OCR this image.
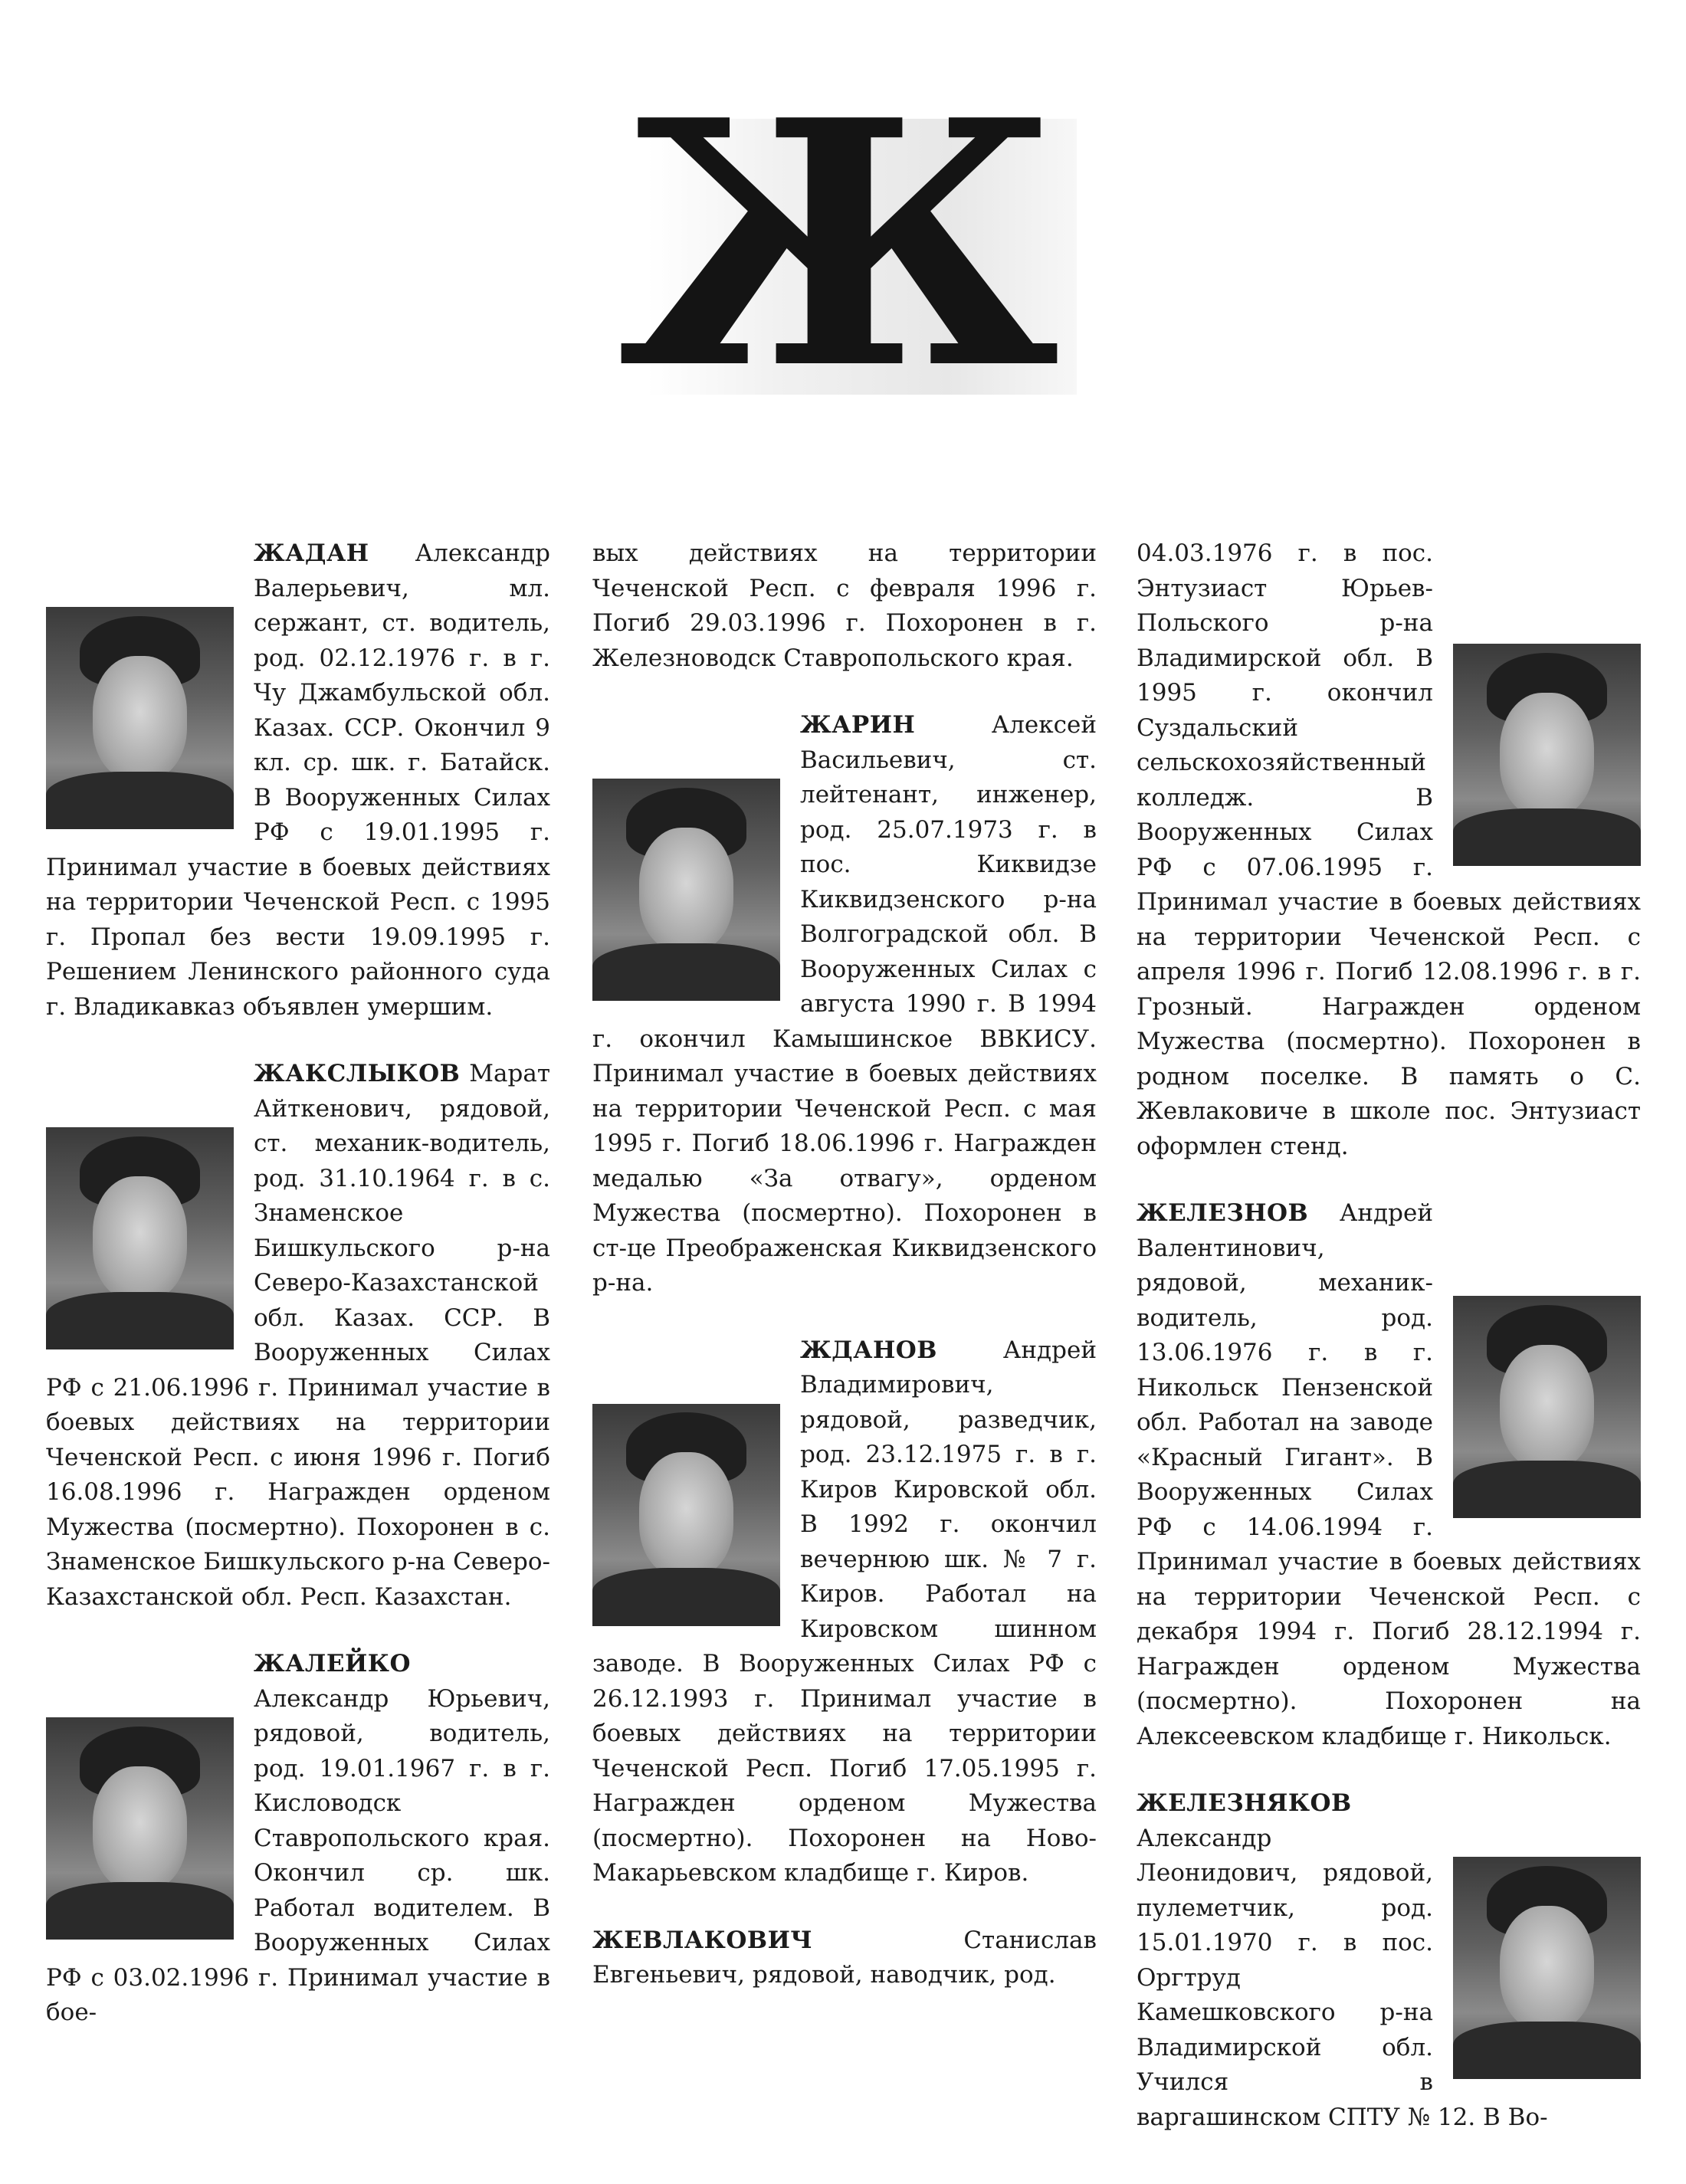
Ж

ЖАДАН Александр Валерьевич, мл. сержант, ст. водитель, род. 02.12.1976 г. в г. Чу Джамбульской обл. Казах. ССР. Окончил 9 кл. ср. шк. г. Батайск. В Вооруженных Силах РФ с 19.01.1995 г. Принимал участие в боевых действиях на территории Чеченской Респ. с 1995 г. Пропал без вести 19.09.1995 г. Решением Ленинского районного суда г. Владикавказ объявлен умершим.

ЖАКСЛЫКОВ Марат Айткенович, рядовой, ст. механик-водитель, род. 31.10.1964 г. в с. Знаменское Бишкульского р-на Северо-Казахстанской обл. Казах. ССР. В Вооруженных Силах РФ с 21.06.1996 г. Принимал участие в боевых действиях на территории Чеченской Респ. с июня 1996 г. Погиб 16.08.1996 г. Награжден орденом Мужества (посмертно). Похоронен в с. Знаменское Бишкульского р-на Северо-Казахстанской обл. Респ. Казахстан.

ЖАЛЕЙКО Александр Юрьевич, рядовой, водитель, род. 19.01.1967 г. в г. Кисловодск Ставропольского края. Окончил ср. шк. Работал водителем. В Вооруженных Силах РФ с 03.02.1996 г. Принимал участие в бое-

вых действиях на территории Чеченской Респ. с февраля 1996 г. Погиб 29.03.1996 г. Похоронен в г. Железноводск Ставропольского края.

ЖАРИН Алексей Васильевич, ст. лейтенант, инженер, род. 25.07.1973 г. в пос. Киквидзе Киквидзенского р-на Волгоградской обл. В Вооруженных Силах с августа 1990 г. В 1994 г. окончил Камышинское ВВКИСУ. Принимал участие в боевых действиях на территории Чеченской Респ. с мая 1995 г. Погиб 18.06.1996 г. Награжден медалью «За отвагу», орденом Мужества (посмертно). Похоронен в ст-це Преображенская Киквидзенского р-на.

ЖДАНОВ Андрей Владимирович, рядовой, разведчик, род. 23.12.1975 г. в г. Киров Кировской обл. В 1992 г. окончил вечернюю шк. № 7 г. Киров. Работал на Кировском шинном заводе. В Вооруженных Силах РФ с 26.12.1993 г. Принимал участие в боевых действиях на территории Чеченской Респ. Погиб 17.05.1995 г. Награжден орденом Мужества (посмертно). Похоронен на Ново-Макарьевском кладбище г. Киров.

ЖЕВЛАКОВИЧ Станислав Евгеньевич, рядовой, наводчик, род.

04.03.1976 г. в пос. Энтузиаст Юрьев-Польского р-на Владимирской обл. В 1995 г. окончил Суздальский сельскохозяйственный колледж. В Вооруженных Силах РФ с 07.06.1995 г. Принимал участие в боевых действиях на территории Чеченской Респ. с апреля 1996 г. Погиб 12.08.1996 г. в г. Грозный. Награжден орденом Мужества (посмертно). Похоронен в родном поселке. В память о С. Жевлаковиче в школе пос. Энтузиаст оформлен стенд.

ЖЕЛЕЗНОВ Андрей Валентинович, рядовой, механик-водитель, род. 13.06.1976 г. в г. Никольск Пензенской обл. Работал на заводе «Красный Гигант». В Вооруженных Силах РФ с 14.06.1994 г. Принимал участие в боевых действиях на территории Чеченской Респ. с декабря 1994 г. Погиб 28.12.1994 г. Награжден орденом Мужества (посмертно). Похоронен на Алексеевском кладбище г. Никольск.

ЖЕЛЕЗНЯКОВ Александр Леонидович, рядовой, пулеметчик, род. 15.01.1970 г. в пос. Оргтруд Камешковского р-на Владимирской обл. Учился в варгашинском СПТУ № 12. В Во-
